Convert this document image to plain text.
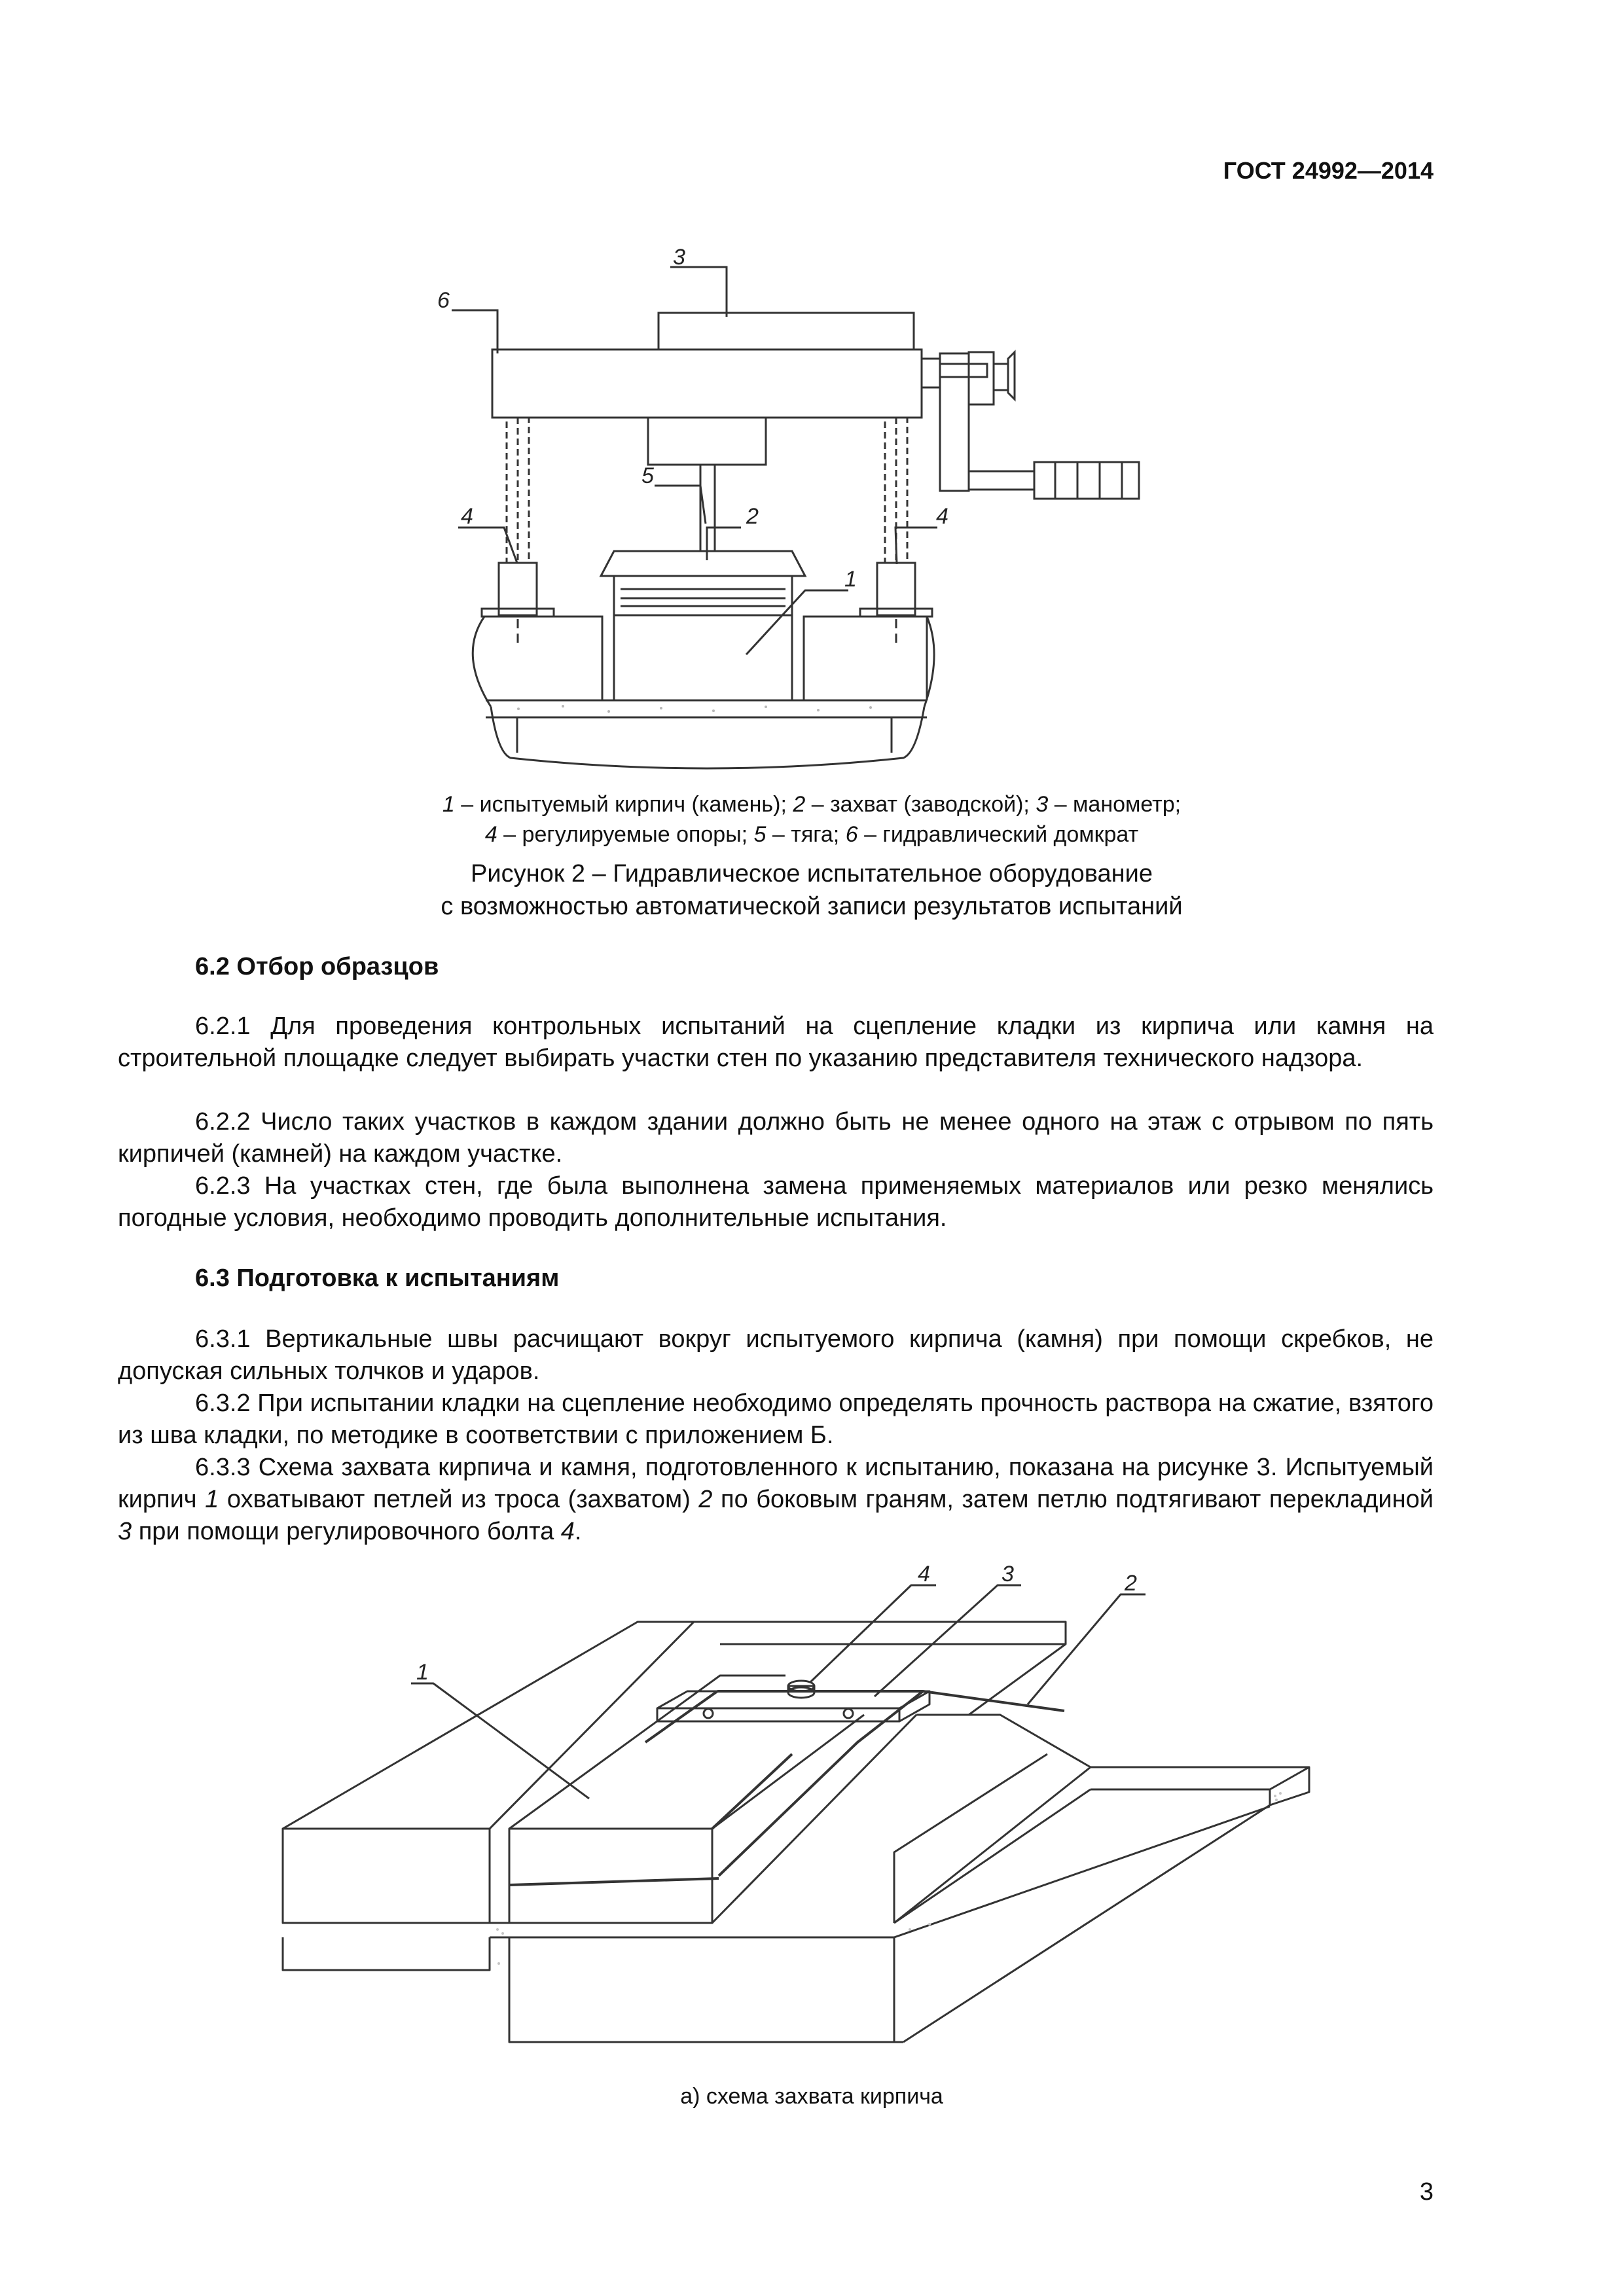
ГОСТ 24992—2014
3
6
5
4	2	4
1
1 – испытуемый кирпич (камень); 2 – захват (заводской); 3 – манометр;
4 – регулируемые опоры; 5 – тяга; 6 – гидравлический домкрат
Рисунок 2 – Гидравлическое испытательное оборудование
с возможностью автоматической записи результатов испытаний
6.2 Отбор образцов

6.2.1 Для проведения контрольных испытаний на сцепление кладки из кирпича или камня на строительной площадке следует выбирать участки стен по указанию представителя технического надзора.

6.2.2 Число таких участков в каждом здании должно быть не менее одного на этаж с отрывом по пять кирпичей (камней) на каждом участке.

6.2.3 На участках стен, где была выполнена замена применяемых материалов или резко менялись погодные условия, необходимо проводить дополнительные испытания.

6.3 Подготовка к испытаниям

6.3.1 Вертикальные швы расчищают вокруг испытуемого кирпича (камня) при помощи скребков, не допуская сильных толчков и ударов.

6.3.2 При испытании кладки на сцепление необходимо определять прочность раствора на сжатие, взятого из шва кладки, по методике в соответствии с приложением Б.

6.3.3 Схема захвата кирпича и камня, подготовленного к испытанию, показана на рисунке 3. Испытуемый кирпич 1 охватывают петлей из троса (захватом) 2 по боковым граням, затем петлю подтягивают перекладиной 3 при помощи регулировочного болта 4.

1
4	3	2
а) схема захвата кирпича
3
